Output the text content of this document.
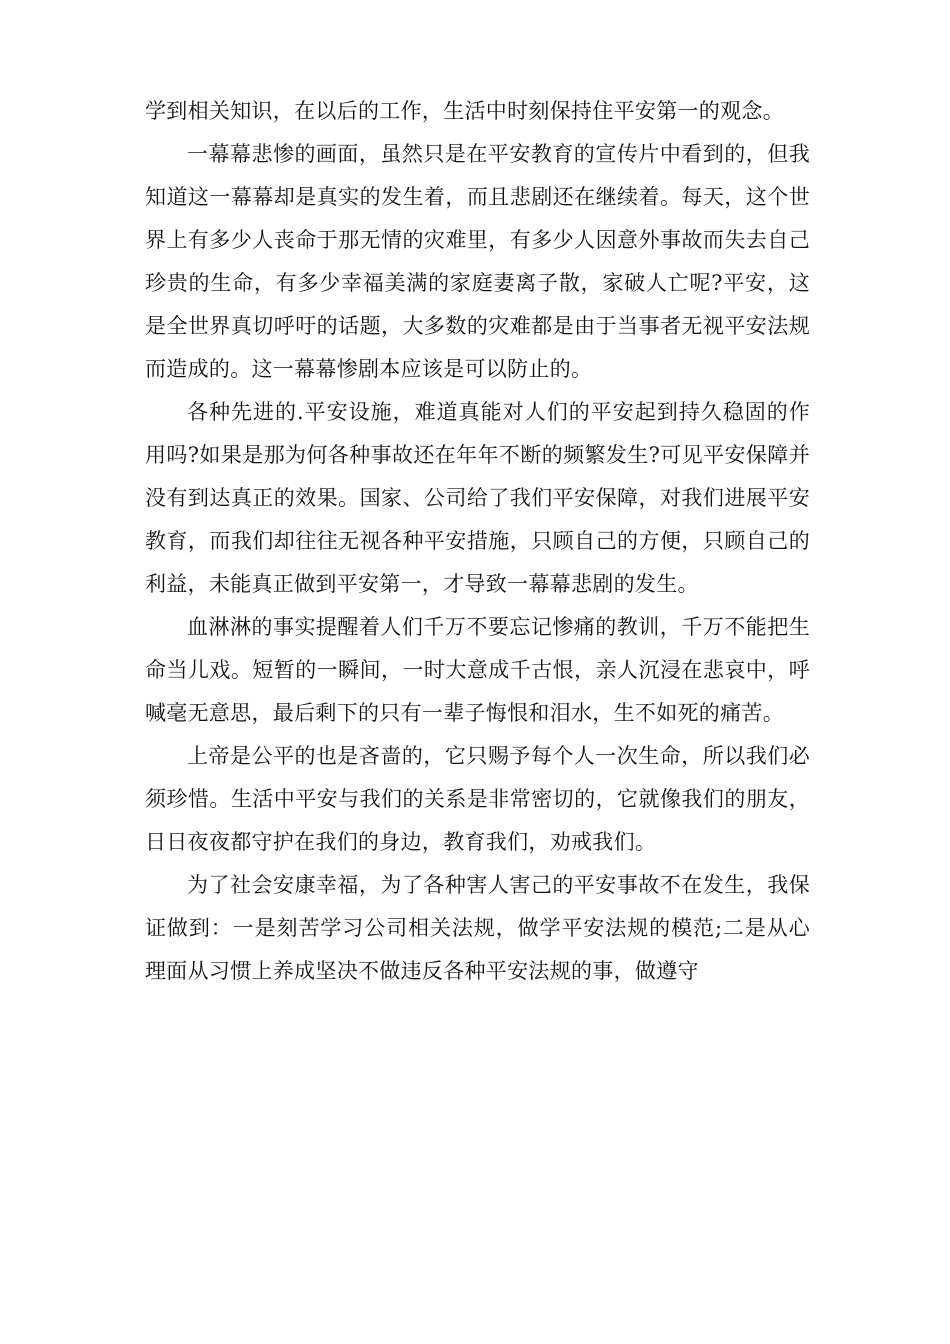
学到相关知识，在以后的工作，生活中时刻保持住平安第一的观念。

一幕幕悲惨的画面，虽然只是在平安教育的宣传片中看到的，但我知道这一幕幕却是真实的发生着，而且悲剧还在继续着。每天，这个世界上有多少人丧命于那无情的灾难里，有多少人因意外事故而失去自己珍贵的生命，有多少幸福美满的家庭妻离子散，家破人亡呢?平安，这是全世界真切呼吁的话题，大多数的灾难都是由于当事者无视平安法规而造成的。这一幕幕惨剧本应该是可以防止的。

各种先进的.平安设施，难道真能对人们的平安起到持久稳固的作用吗?如果是那为何各种事故还在年年不断的频繁发生?可见平安保障并没有到达真正的效果。国家、公司给了我们平安保障，对我们进展平安教育，而我们却往往无视各种平安措施，只顾自己的方便，只顾自己的利益，未能真正做到平安第一，才导致一幕幕悲剧的发生。

血淋淋的事实提醒着人们千万不要忘记惨痛的教训，千万不能把生命当儿戏。短暂的一瞬间，一时大意成千古恨，亲人沉浸在悲哀中，呼喊毫无意思，最后剩下的只有一辈子悔恨和泪水，生不如死的痛苦。

上帝是公平的也是吝啬的，它只赐予每个人一次生命，所以我们必须珍惜。生活中平安与我们的关系是非常密切的，它就像我们的朋友，日日夜夜都守护在我们的身边，教育我们，劝戒我们。

为了社会安康幸福，为了各种害人害己的平安事故不在发生，我保证做到：一是刻苦学习公司相关法规，做学平安法规的模范;二是从心理面从习惯上养成坚决不做违反各种平安法规的事，做遵守
